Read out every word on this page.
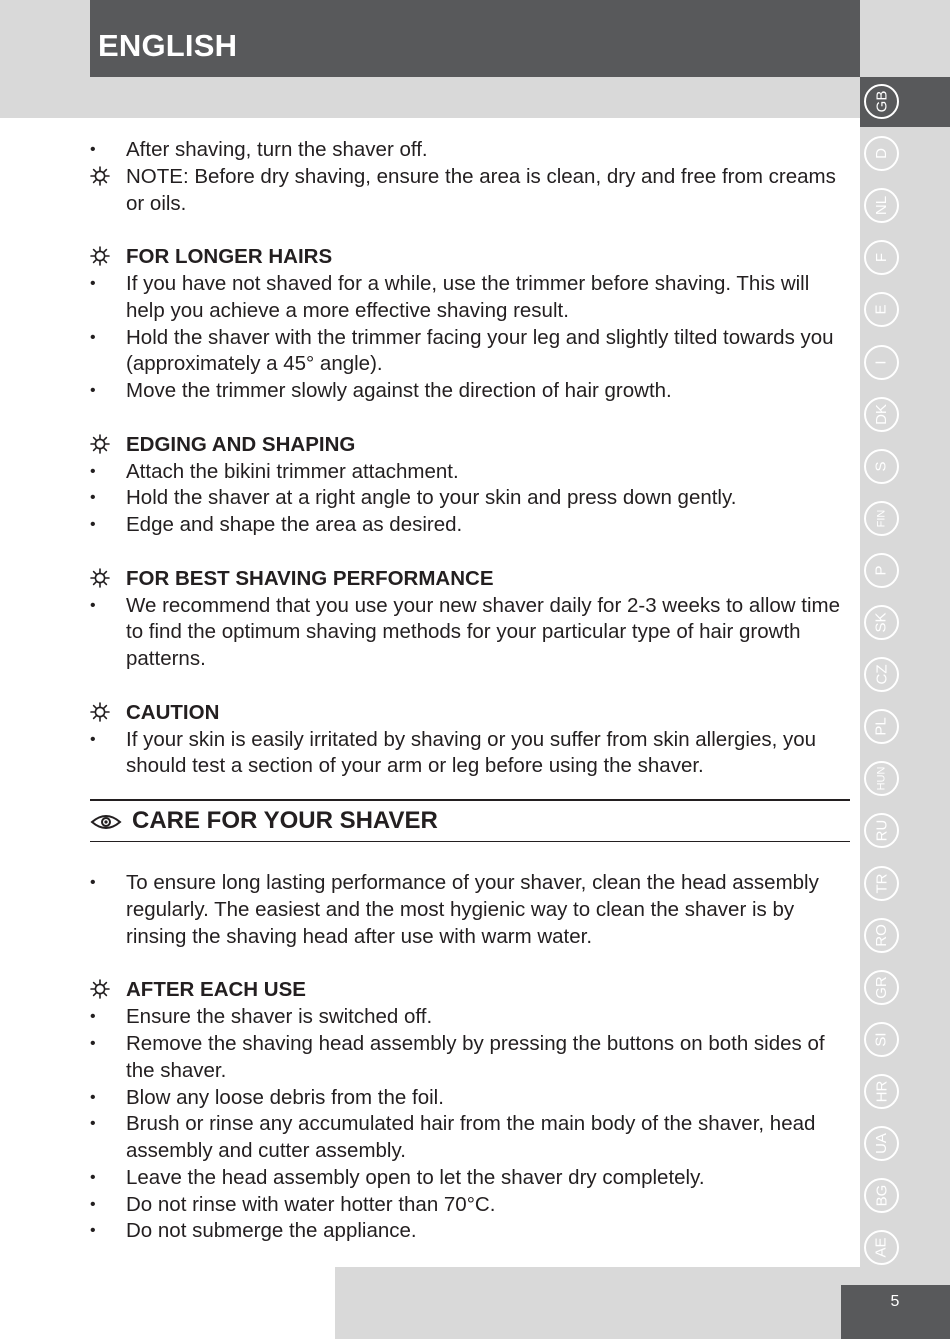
ENGLISH
GB
D
NL
F
E
I
DK
S
FIN
P
SK
CZ
PL
HUN
RU
TR
RO
GR
SI
HR
UA
BG
AE
• After shaving, turn the shaver off.
NOTE: Before dry shaving, ensure the area is clean, dry and free from creams or oils.
FOR LONGER HAIRS
• If you have not shaved for a while, use the trimmer before shaving. This will help you achieve a more effective shaving result.
• Hold the shaver with the trimmer facing your leg and slightly tilted towards you (approximately a 45° angle).
• Move the trimmer slowly against the direction of hair growth.
EDGING AND SHAPING
• Attach the bikini trimmer attachment.
• Hold the shaver at a right angle to your skin and press down gently.
• Edge and shape the area as desired.
FOR BEST SHAVING PERFORMANCE
• We recommend that you use your new shaver daily for 2-3 weeks to allow time to find the optimum shaving methods for your particular type of hair growth patterns.
CAUTION
• If your skin is easily irritated by shaving or you suffer from skin allergies, you should test a section of your arm or leg before using the shaver.
CARE FOR YOUR SHAVER
• To ensure long lasting performance of your shaver, clean the head assembly regularly. The easiest and the most hygienic way to clean the shaver is by rinsing the shaving head after use with warm water.
AFTER EACH USE
• Ensure the shaver is switched off.
• Remove the shaving head assembly by pressing the buttons on both sides of the shaver.
• Blow any loose debris from the foil.
• Brush or rinse any accumulated hair from the main body of the shaver, head assembly and cutter assembly.
• Leave the head assembly open to let the shaver dry completely.
• Do not rinse with water hotter than 70°C.
• Do not submerge the appliance.
5
